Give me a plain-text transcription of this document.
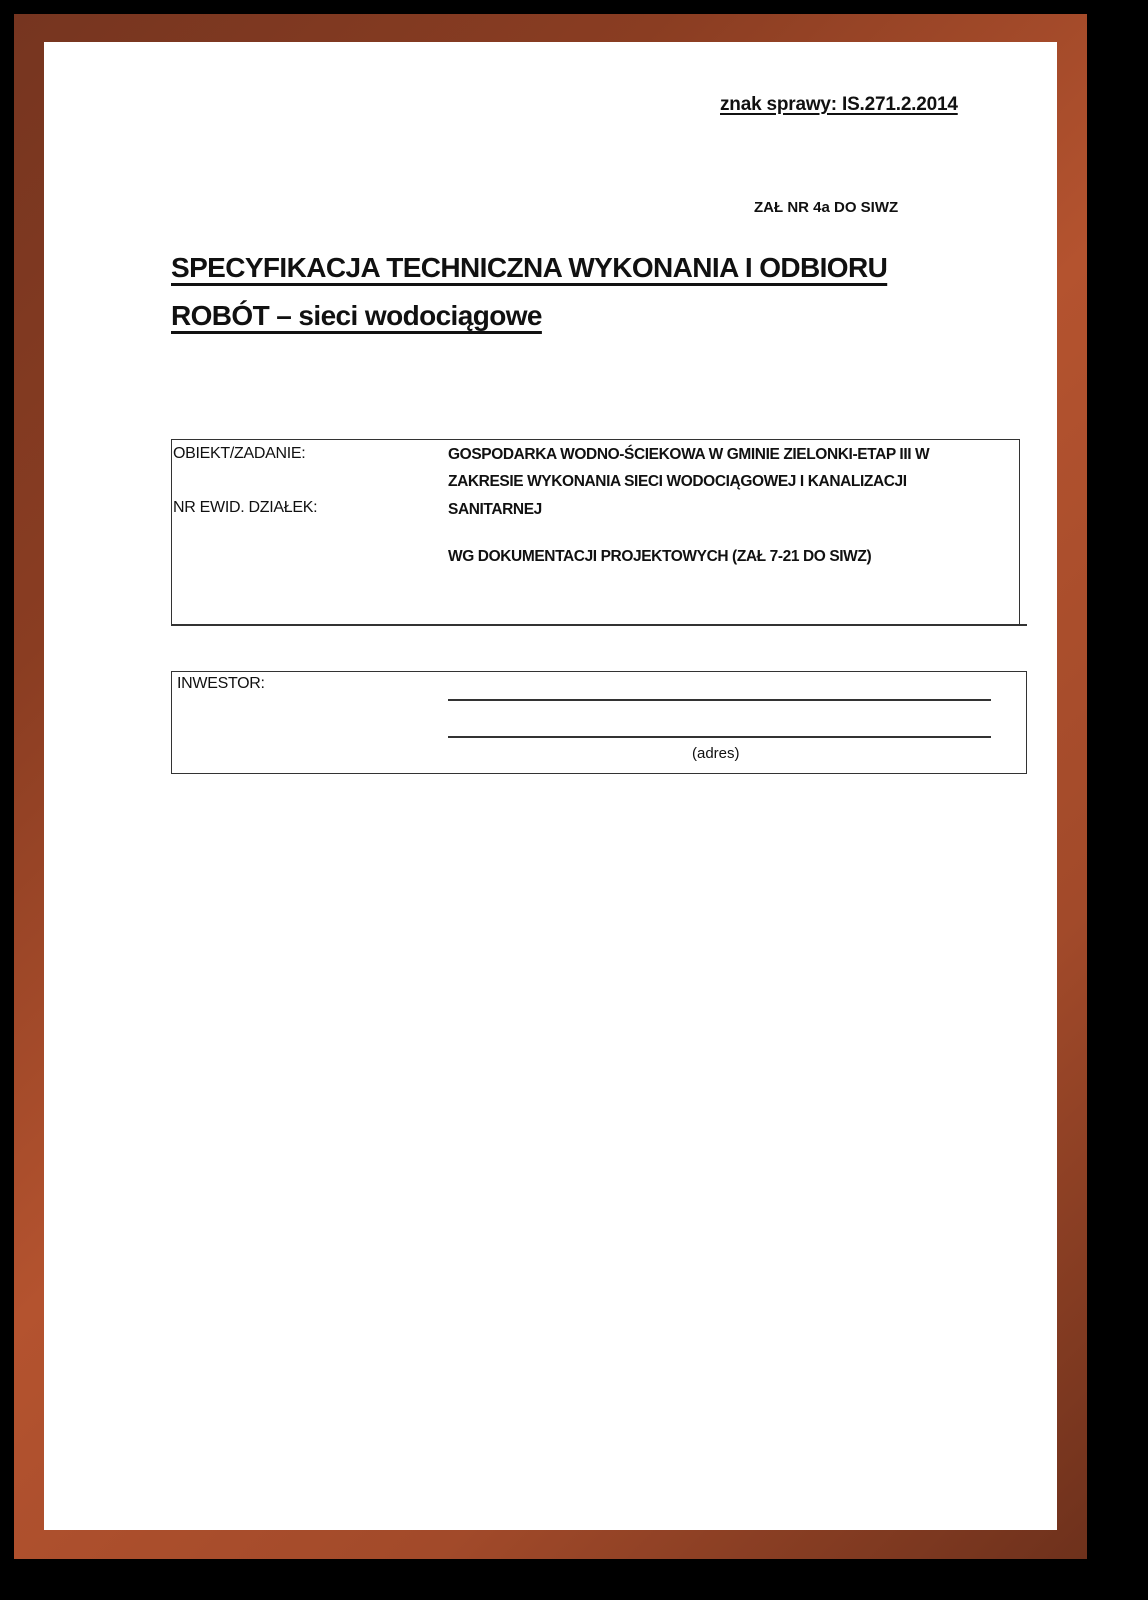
znak sprawy: IS.271.2.2014
ZAŁ NR 4a DO SIWZ
SPECYFIKACJA TECHNICZNA WYKONANIA I ODBIORU
ROBÓT – sieci wodociągowe
OBIEKT/ZADANIE:
NR EWID. DZIAŁEK:
GOSPODARKA WODNO-ŚCIEKOWA W GMINIE ZIELONKI-ETAP III W
ZAKRESIE WYKONANIA SIECI WODOCIĄGOWEJ I KANALIZACJI
SANITARNEJ
WG DOKUMENTACJI PROJEKTOWYCH (ZAŁ 7-21 DO SIWZ)
INWESTOR:
(adres)
